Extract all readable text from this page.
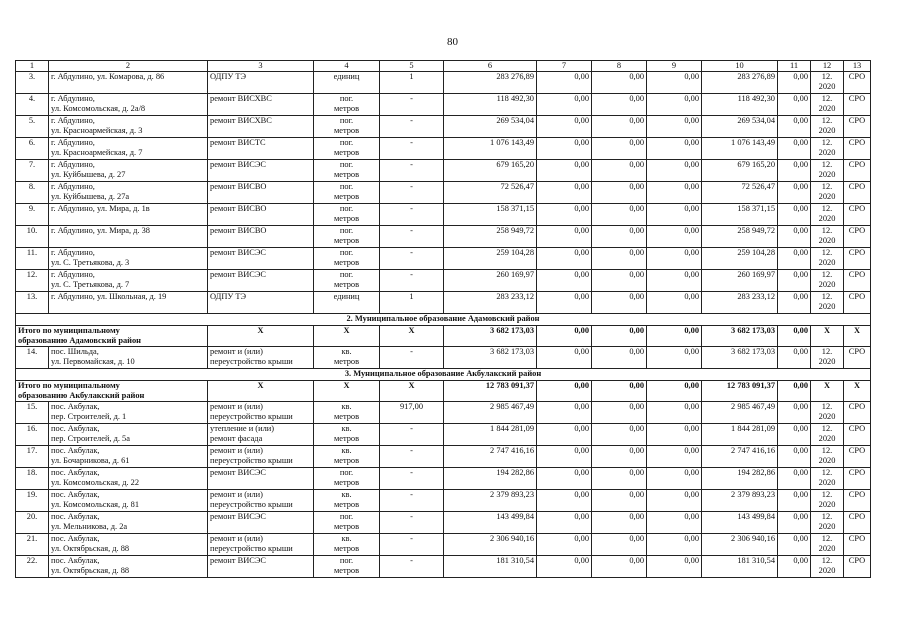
80
1	2	3	4	5	6	7	8	9	10	11	12	13

3.	г. Абдулино, ул. Комарова, д. 86	ОДПУ ТЭ	единиц	1	283 276,89	0,00	0,00	0,00	283 276,89	0,00	12.
2020	СРО

4.	г. Абдулино,
ул. Комсомольская, д. 2а/8	ремонт ВИСХВС	пог.
метров	-	118 492,30	0,00	0,00	0,00	118 492,30	0,00	12.
2020	СРО

5.	г. Абдулино,
ул. Красноармейская, д. 3	ремонт ВИСХВС	пог.
метров	-	269 534,04	0,00	0,00	0,00	269 534,04	0,00	12.
2020	СРО

6.	г. Абдулино,
ул. Красноармейская, д. 7	ремонт ВИСТС	пог.
метров	-	1 076 143,49	0,00	0,00	0,00	1 076 143,49	0,00	12.
2020	СРО

7.	г. Абдулино,
ул. Куйбышева, д. 27	ремонт ВИСЭС	пог.
метров	-	679 165,20	0,00	0,00	0,00	679 165,20	0,00	12.
2020	СРО

8.	г. Абдулино,
ул. Куйбышева, д. 27а	ремонт ВИСВО	пог.
метров	-	72 526,47	0,00	0,00	0,00	72 526,47	0,00	12.
2020	СРО

9.	г. Абдулино, ул. Мира, д. 1в	ремонт ВИСВО	пог.
метров	-	158 371,15	0,00	0,00	0,00	158 371,15	0,00	12.
2020	СРО

10.	г. Абдулино, ул. Мира, д. 38	ремонт ВИСВО	пог.
метров	-	258 949,72	0,00	0,00	0,00	258 949,72	0,00	12.
2020	СРО

11.	г. Абдулино,
ул. С. Третьякова, д. 3	ремонт ВИСЭС	пог.
метров	-	259 104,28	0,00	0,00	0,00	259 104,28	0,00	12.
2020	СРО

12.	г. Абдулино,
ул. С. Третьякова, д. 7	ремонт ВИСЭС	пог.
метров	-	260 169,97	0,00	0,00	0,00	260 169,97	0,00	12.
2020	СРО

13.	г. Абдулино, ул. Школьная, д. 19	ОДПУ ТЭ	единиц	1	283 233,12	0,00	0,00	0,00	283 233,12	0,00	12.
2020	СРО

2. Муниципальное образование Адамовский район												

Итого по муниципальному
образованию Адамовский район		X	X	X	3 682 173,03	0,00	0,00	0,00	3 682 173,03	0,00	X	X

14.	пос. Шильда,
ул. Первомайская, д. 10	ремонт и (или)
переустройство крыши	кв.
метров	-	3 682 173,03	0,00	0,00	0,00	3 682 173,03	0,00	12.
2020	СРО

3. Муниципальное образование Акбулакский район												

Итого по муниципальному
образованию Акбулакский район		X	X	X	12 783 091,37	0,00	0,00	0,00	12 783 091,37	0,00	X	X

15.	пос. Акбулак,
пер. Строителей, д. 1	ремонт и (или)
переустройство крыши	кв.
метров	917,00	2 985 467,49	0,00	0,00	0,00	2 985 467,49	0,00	12.
2020	СРО

16.	пос. Акбулак,
пер. Строителей, д. 5а	утепление и (или)
ремонт фасада	кв.
метров	-	1 844 281,09	0,00	0,00	0,00	1 844 281,09	0,00	12.
2020	СРО

17.	пос. Акбулак,
ул. Бочарникова, д. 61	ремонт и (или)
переустройство крыши	кв.
метров	-	2 747 416,16	0,00	0,00	0,00	2 747 416,16	0,00	12.
2020	СРО

18.	пос. Акбулак,
ул. Комсомольская, д. 22	ремонт ВИСЭС	пог.
метров	-	194 282,86	0,00	0,00	0,00	194 282,86	0,00	12.
2020	СРО

19.	пос. Акбулак,
ул. Комсомольская, д. 81	ремонт и (или)
переустройство крыши	кв.
метров	-	2 379 893,23	0,00	0,00	0,00	2 379 893,23	0,00	12.
2020	СРО

20.	пос. Акбулак,
ул. Мельникова, д. 2а	ремонт ВИСЭС	пог.
метров	-	143 499,84	0,00	0,00	0,00	143 499,84	0,00	12.
2020	СРО

21.	пос. Акбулак,
ул. Октябрьская, д. 88	ремонт и (или)
переустройство крыши	кв.
метров	-	2 306 940,16	0,00	0,00	0,00	2 306 940,16	0,00	12.
2020	СРО

22.	пос. Акбулак,
ул. Октябрьская, д. 88	ремонт ВИСЭС	пог.
метров	-	181 310,54	0,00	0,00	0,00	181 310,54	0,00	12.
2020	СРО
